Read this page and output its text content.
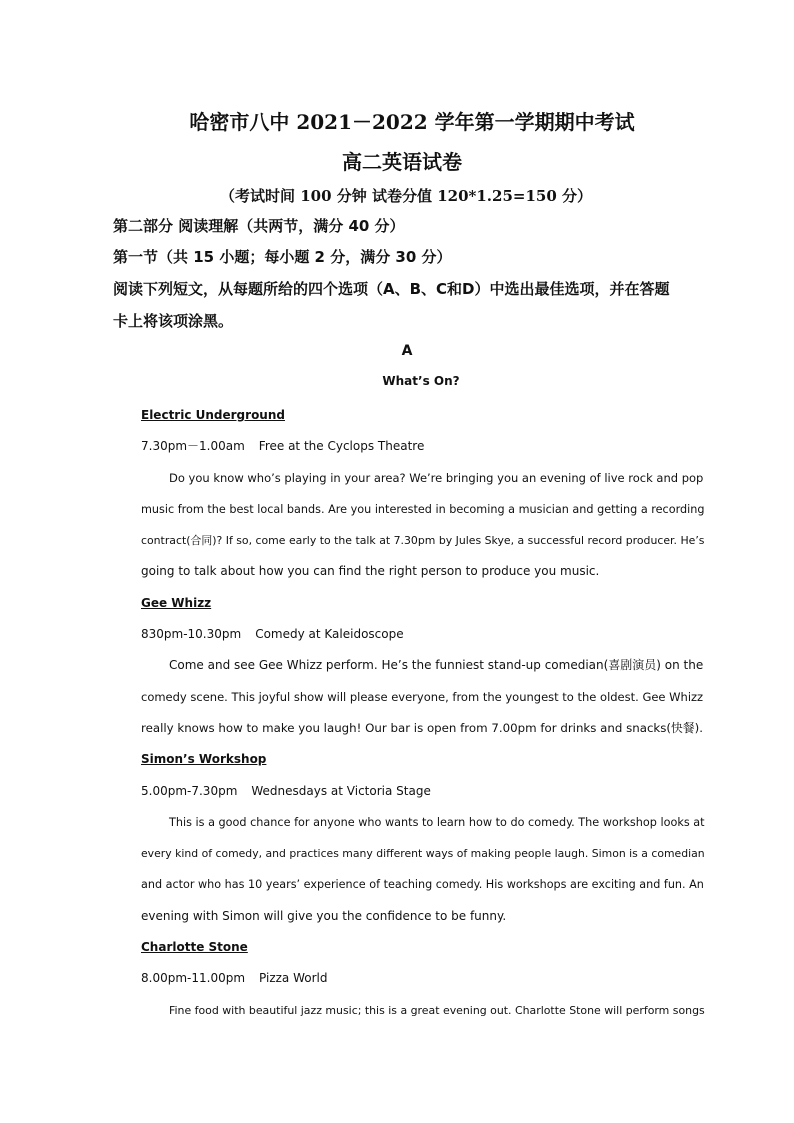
哈密市八中 2021－2022 学年第一学期期中考试
高二英语试卷
（考试时间 100 分钟 试卷分值 120*1.25=150 分）
第二部分 阅读理解（共两节，满分 40 分）
第一节（共 15 小题；每小题 2 分，满分 30 分）
阅读下列短文，从每题所给的四个选项（A、B、C和D）中选出最佳选项，并在答题
卡上将该项涂黑。
A
What’s On?
Electric Underground
7.30pm－1.00am Free at the Cyclops Theatre
Do you know who’s playing in your area? We’re bringing you an evening of live rock and pop
music from the best local bands. Are you interested in becoming a musician and getting a recording
contract(合同)? If so, come early to the talk at 7.30pm by Jules Skye, a successful record producer. He’s
going to talk about how you can find the right person to produce you music.
Gee Whizz
830pm-10.30pm Comedy at Kaleidoscope
Come and see Gee Whizz perform. He’s the funniest stand-up comedian(喜剧演员) on the
comedy scene. This joyful show will please everyone, from the youngest to the oldest. Gee Whizz
really knows how to make you laugh! Our bar is open from 7.00pm for drinks and snacks(快餐).
Simon’s Workshop
5.00pm-7.30pm Wednesdays at Victoria Stage
This is a good chance for anyone who wants to learn how to do comedy. The workshop looks at
every kind of comedy, and practices many different ways of making people laugh. Simon is a comedian
and actor who has 10 years’ experience of teaching comedy. His workshops are exciting and fun. An
evening with Simon will give you the confidence to be funny.
Charlotte Stone
8.00pm-11.00pm Pizza World
Fine food with beautiful jazz music; this is a great evening out. Charlotte Stone will perform songs
